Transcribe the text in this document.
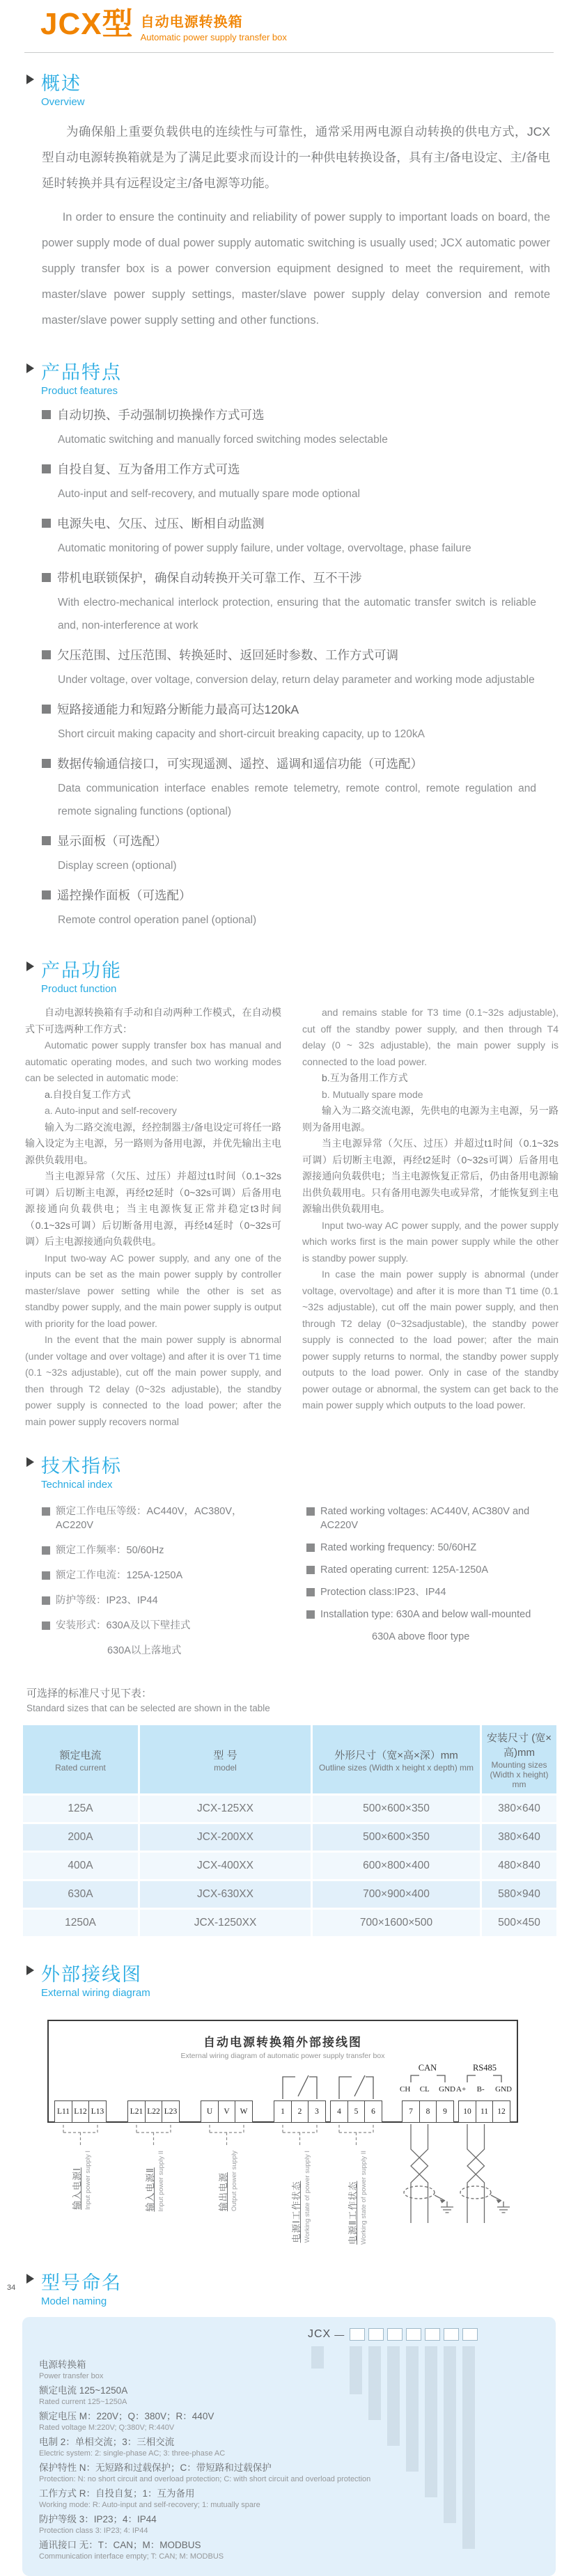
JCX型 自动电源转换箱
Automatic power supply transfer box
概述
Overview

为确保船上重要负载供电的连续性与可靠性，通常采用两电源自动转换的供电方式，JCX型自动电源转换箱就是为了满足此要求而设计的一种供电转换设备，具有主/备电设定、主/备电延时转换并具有远程设定主/备电源等功能。

In order to ensure the continuity and reliability of power supply to important loads on board, the power supply mode of dual power supply automatic switching is usually used; JCX automatic power supply transfer box is a power conversion equipment designed to meet the requirement, with master/slave power supply settings, master/slave power supply delay conversion and remote master/slave power supply setting and other functions.

产品特点
Product features
自动切换、手动强制切换操作方式可选
Automatic switching and manually forced switching modes selectable
自投自复、互为备用工作方式可选
Auto-input and self-recovery, and mutually spare mode optional
电源失电、欠压、过压、断相自动监测
Automatic monitoring of power supply failure, under voltage, overvoltage, phase failure
带机电联锁保护，确保自动转换开关可靠工作、互不干涉
With electro-mechanical interlock protection, ensuring that the automatic transfer switch is reliable and, non-interference at work
欠压范围、过压范围、转换延时、返回延时参数、工作方式可调
Under voltage, over voltage, conversion delay, return delay parameter and working mode adjustable
短路接通能力和短路分断能力最高可达120kA
Short circuit making capacity and short-circuit breaking capacity, up to 120kA
数据传输通信接口，可实现遥测、遥控、遥调和遥信功能（可选配）
Data communication interface enables remote telemetry, remote control, remote regulation and remote signaling functions (optional)
显示面板（可选配）
Display screen (optional)
遥控操作面板（可选配）
Remote control operation panel (optional)
产品功能
Product function

自动电源转换箱有手动和自动两种工作模式，在自动模式下可选两种工作方式：

Automatic power supply transfer box has manual and automatic operating modes, and such two working modes can be selected in automatic mode:

a.自投自复工作方式

a. Auto-input and self-recovery

输入为二路交流电源，经控制器主/备电设定可将任一路输入设定为主电源，另一路则为备用电源，并优先输出主电源供负载用电。

当主电源异常（欠压、过压）并超过t1时间（0.1~32s可调）后切断主电源，再经t2延时（0~32s可调）后备用电源接通向负载供电；当主电源恢复正常并稳定t3时间（0.1~32s可调）后切断备用电源，再经t4延时（0~32s可调）后主电源接通向负载供电。

Input two-way AC power supply, and any one of the inputs can be set as the main power supply by controller master/slave power setting while the other is set as standby power supply, and the main power supply is output with priority for the load power.

In the event that the main power supply is abnormal (under voltage and over voltage) and after it is over T1 time (0.1 ~32s adjustable), cut off the main power supply, and then through T2 delay (0~32s adjustable), the standby power supply is connected to the load power; after the main power supply recovers normal

and remains stable for T3 time (0.1~32s adjustable), cut off the standby power supply, and then through T4 delay (0 ~ 32s adjustable), the main power supply is connected to the load power.

b.互为备用工作方式

b. Mutually spare mode

输入为二路交流电源，先供电的电源为主电源，另一路则为备用电源。

当主电源异常（欠压、过压）并超过t1时间（0.1~32s可调）后切断主电源，再经t2延时（0~32s可调）后备用电源接通向负载供电；当主电源恢复正常后，仍由备用电源输出供负载用电。只有备用电源失电或异常，才能恢复到主电源输出供负载用电。

Input two-way AC power supply, and the power supply which works first is the main power supply while the other is standby power supply.

In case the main power supply is abnormal (under voltage, overvoltage) and after it is more than T1 time (0.1 ~32s adjustable), cut off the main power supply, and then through T2 delay (0~32sadjustable), the standby power supply is connected to the load power; after the main power supply returns to normal, the standby power supply outputs to the load power. Only in case of the standby power outage or abnormal, the system can get back to the main power supply which outputs to the load power.

技术指标
Technical index
额定工作电压等级：AC440V，AC380V，AC220V
额定工作频率：50/60Hz
额定工作电流：125A-1250A
防护等级：IP23、IP44
安装形式：630A及以下壁挂式
630A以上落地式
Rated working voltages: AC440V, AC380V and AC220V
Rated working frequency: 50/60HZ
Rated operating current: 125A-1250A
Protection class:IP23、IP44
Installation type: 630A and below wall-mounted
630A above floor type
可选择的标准尺寸见下表：
Standard sizes that can be selected are shown in the table
额定电流
Rated current

型 号
model

外形尺寸（宽×高×深）mm
Outline sizes (Width x height x depth) mm

安装尺寸 (宽×高)mm
Mounting sizes (Width x height) mm

125A	JCX-125XX	500×600×350	380×640
200A	JCX-200XX	500×600×350	380×640
400A	JCX-400XX	600×800×400	480×840
630A	JCX-630XX	700×900×400	580×940
1250A	JCX-1250XX	700×1600×500	500×450
外部接线图
External wiring diagram
自动电源转换箱外部接线图
External wiring diagram of automatic power supply transfer box
CAN	RS485
CH CL GND A+ B- GND
L11 L12 L13	L21 L22 L23	U	V	W	1	2	3	4	5	6	7	8	9	10	11	12
输入电源Ⅰ Input power supply I	输入电源Ⅱ Input power supply II	输出电源 Output power supply	电源Ⅰ工作状态 Working state of power supply I	电源Ⅱ工作状态 Working state of power supply II
型号命名
Model naming
JCX —
电源转换箱
Power transfer box
额定电流 125~1250A
Rated current 125~1250A
额定电压 M：220V；Q：380V；R：440V
Rated voltage M:220V; Q:380V; R:440V
电制 2：单相交流；3：三相交流
Electric system: 2: single-phase AC; 3: three-phase AC
保护特性 N：无短路和过载保护；C：带短路和过载保护
Protection: N: no short circuit and overload protection; C: with short circuit and overload protection
工作方式 R：自投自复；1：互为备用
Working mode: R: Auto-input and self-recovery; 1: mutually spare
防护等级 3：IP23；4：IP44
Protection class 3: IP23; 4: IP44
通讯接口 无：T：CAN；M：MODBUS
Communication interface empty; T: CAN; M: MODBUS
34
